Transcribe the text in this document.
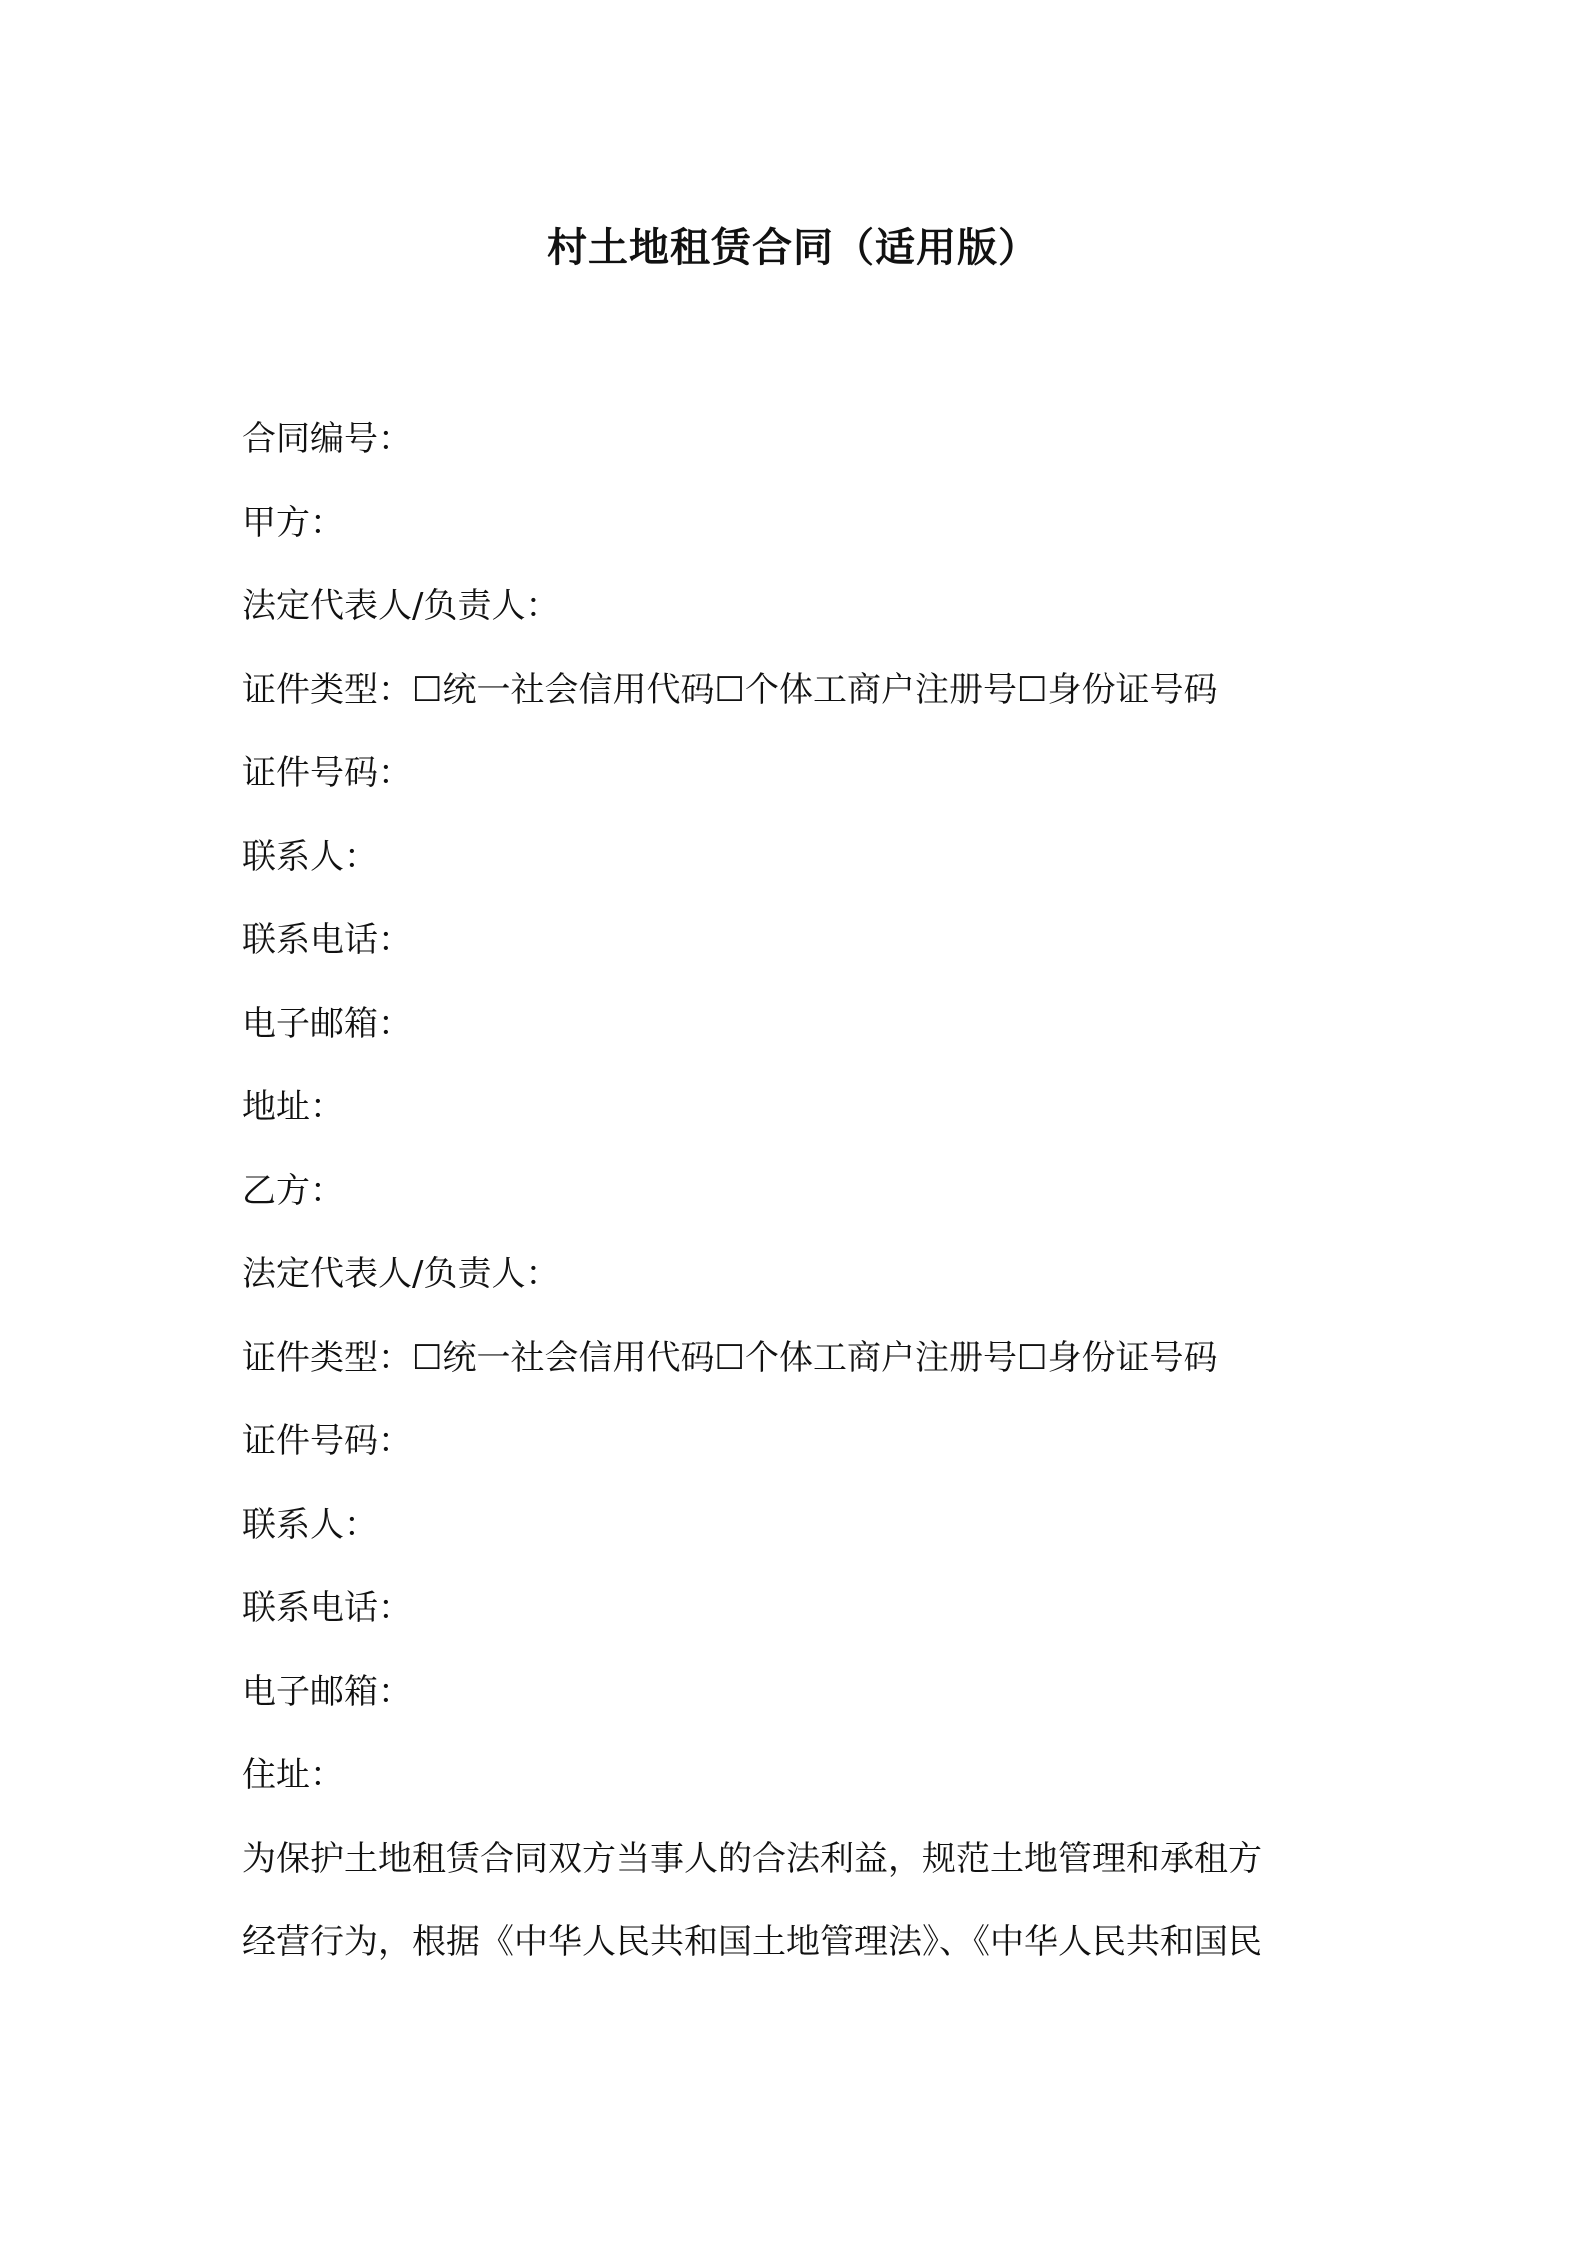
村土地租赁合同（适用版）
合同编号：
甲方：
法定代表人/负责人：
证件类型：☐统一社会信用代码☐个体工商户注册号☐身份证号码
证件号码：
联系人：
联系电话：
电子邮箱：
地址：
乙方：
法定代表人/负责人：
证件类型：☐统一社会信用代码☐个体工商户注册号☐身份证号码
证件号码：
联系人：
联系电话：
电子邮箱：
住址：
为保护土地租赁合同双方当事人的合法利益，规范土地管理和承租方
经营行为，根据《中华人民共和国土地管理法》、《中华人民共和国民
